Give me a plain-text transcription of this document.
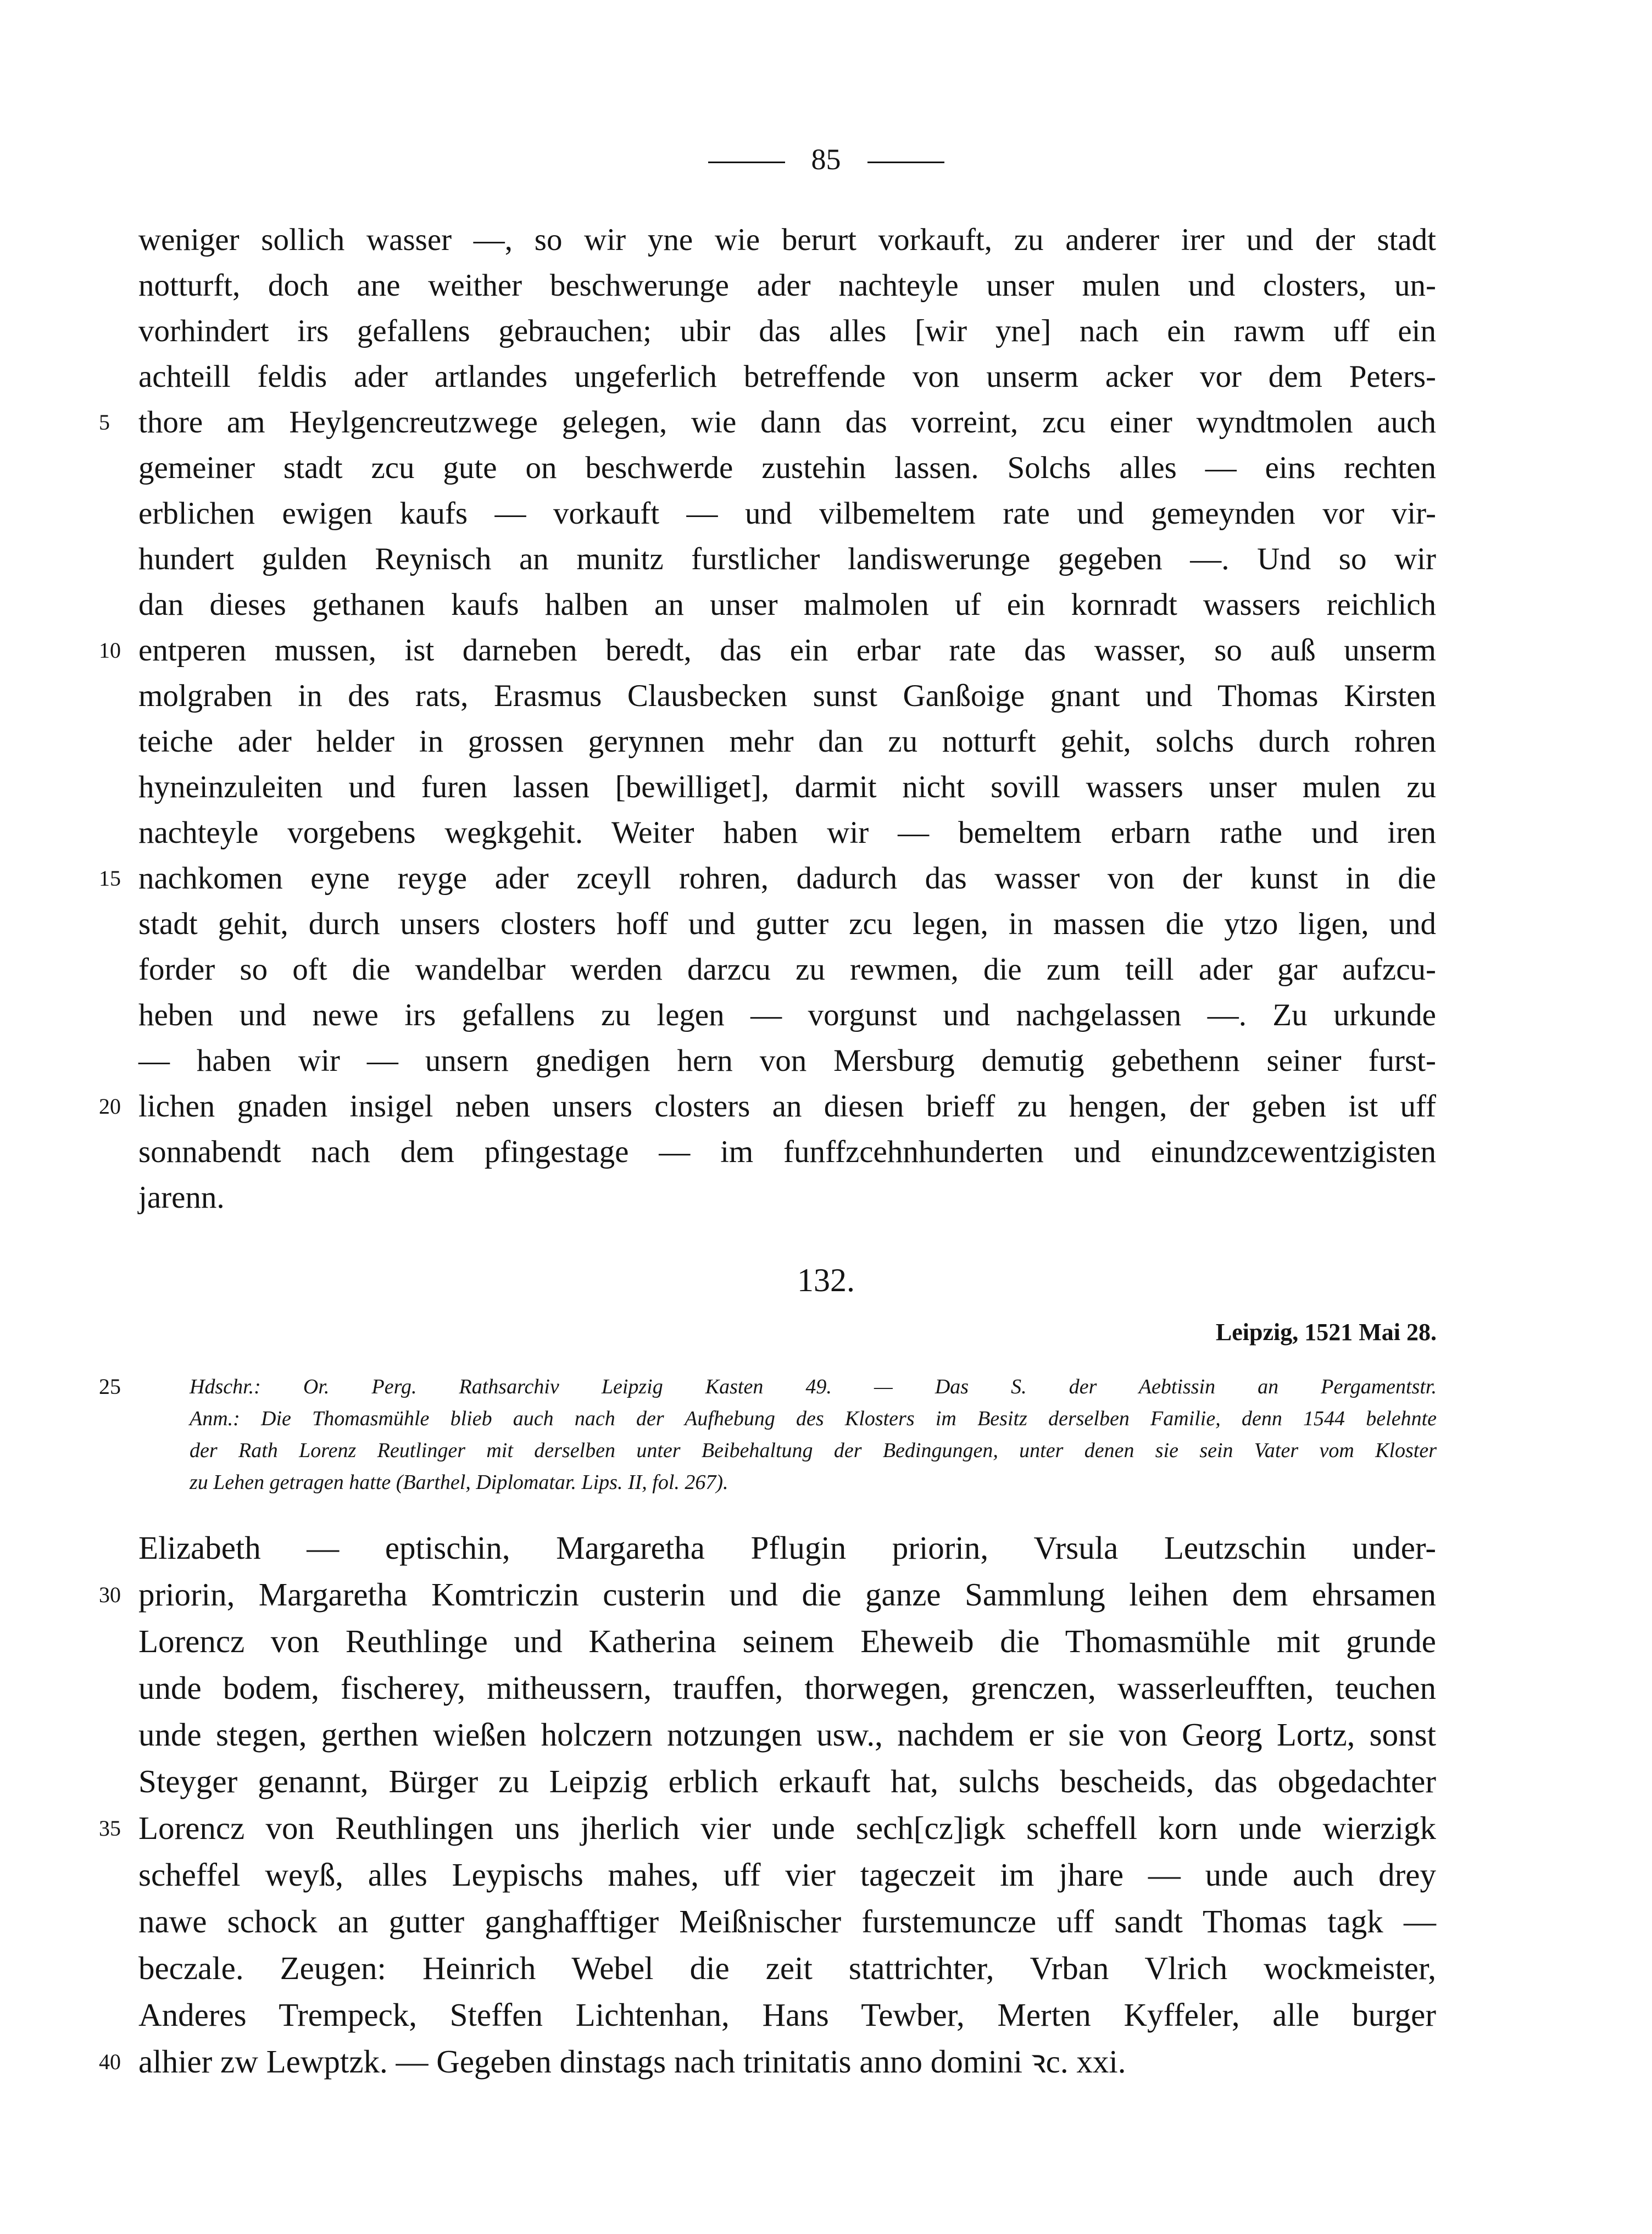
85
weniger sollich wasser —, so wir yne wie berurt vorkauft, zu anderer irer und der stadt
notturft, doch ane weither beschwerunge ader nachteyle unser mulen und closters, un-
vorhindert irs gefallens gebrauchen; ubir das alles [wir yne] nach ein rawm uff ein
achteill feldis ader artlandes ungeferlich betreffende von unserm acker vor dem Peters-
5 thore am Heylgencreutzwege gelegen, wie dann das vorreint, zcu einer wyndtmolen auch
gemeiner stadt zcu gute on beschwerde zustehin lassen. Solchs alles — eins rechten
erblichen ewigen kaufs — vorkauft — und vilbemeltem rate und gemeynden vor vir-
hundert gulden Reynisch an munitz furstlicher landiswerunge gegeben —. Und so wir
dan dieses gethanen kaufs halben an unser malmolen uf ein kornradt wassers reichlich
10 entperen mussen, ist darneben beredt, das ein erbar rate das wasser, so auß unserm
molgraben in des rats, Erasmus Clausbecken sunst Ganßoige gnant und Thomas Kirsten
teiche ader helder in grossen gerynnen mehr dan zu notturft gehit, solchs durch rohren
hyneinzuleiten und furen lassen [bewilliget], darmit nicht sovill wassers unser mulen zu
nachteyle vorgebens wegkgehit. Weiter haben wir — bemeltem erbarn rathe und iren
15 nachkomen eyne reyge ader zceyll rohren, dadurch das wasser von der kunst in die
stadt gehit, durch unsers closters hoff und gutter zcu legen, in massen die ytzo ligen, und
forder so oft die wandelbar werden darzcu zu rewmen, die zum teill ader gar aufzcu-
heben und newe irs gefallens zu legen — vorgunst und nachgelassen —. Zu urkunde
— haben wir — unsern gnedigen hern von Mersburg demutig gebethenn seiner furst-
20 lichen gnaden insigel neben unsers closters an diesen brieff zu hengen, der geben ist uff
sonnabendt nach dem pfingestage — im funffzcehnhunderten und einundzcewentzigisten
jarenn.
132.
Leipzig, 1521 Mai 28.
25	Hdschr.: Or. Perg. Rathsarchiv Leipzig Kasten 49. — Das S. der Aebtissin an Pergamentstr.
Anm.: Die Thomasmühle blieb auch nach der Aufhebung des Klosters im Besitz derselben Familie, denn 1544 belehnte
der Rath Lorenz Reutlinger mit derselben unter Beibehaltung der Bedingungen, unter denen sie sein Vater vom Kloster
zu Lehen getragen hatte (Barthel, Diplomatar. Lips. II, fol. 267).
Elizabeth — eptischin, Margaretha Pflugin priorin, Vrsula Leutzschin under-
30 priorin, Margaretha Komtriczin custerin und die ganze Sammlung leihen dem ehrsamen
Lorencz von Reuthlinge und Katherina seinem Eheweib die Thomasmühle mit grunde
unde bodem, fischerey, mitheussern, trauffen, thorwegen, grenczen, wasserleufften, teuchen
unde stegen, gerthen wießen holczern notzungen usw., nachdem er sie von Georg Lortz, sonst
Steyger genannt, Bürger zu Leipzig erblich erkauft hat, sulchs bescheids, das obgedachter
35 Lorencz von Reuthlingen uns jherlich vier unde sech[cz]igk scheffell korn unde wierzigk
scheffel weyß, alles Leypischs mahes, uff vier tageczeit im jhare — unde auch drey
nawe schock an gutter ganghafftiger Meißnischer furstemuncze uff sandt Thomas tagk —
beczale. Zeugen: Heinrich Webel die zeit stattrichter, Vrban Vlrich wockmeister,
Anderes Trempeck, Steffen Lichtenhan, Hans Tewber, Merten Kyffeler, alle burger
40 alhier zw Lewptzk. — Gegeben dinstags nach trinitatis anno domini ꝛc. xxi.
